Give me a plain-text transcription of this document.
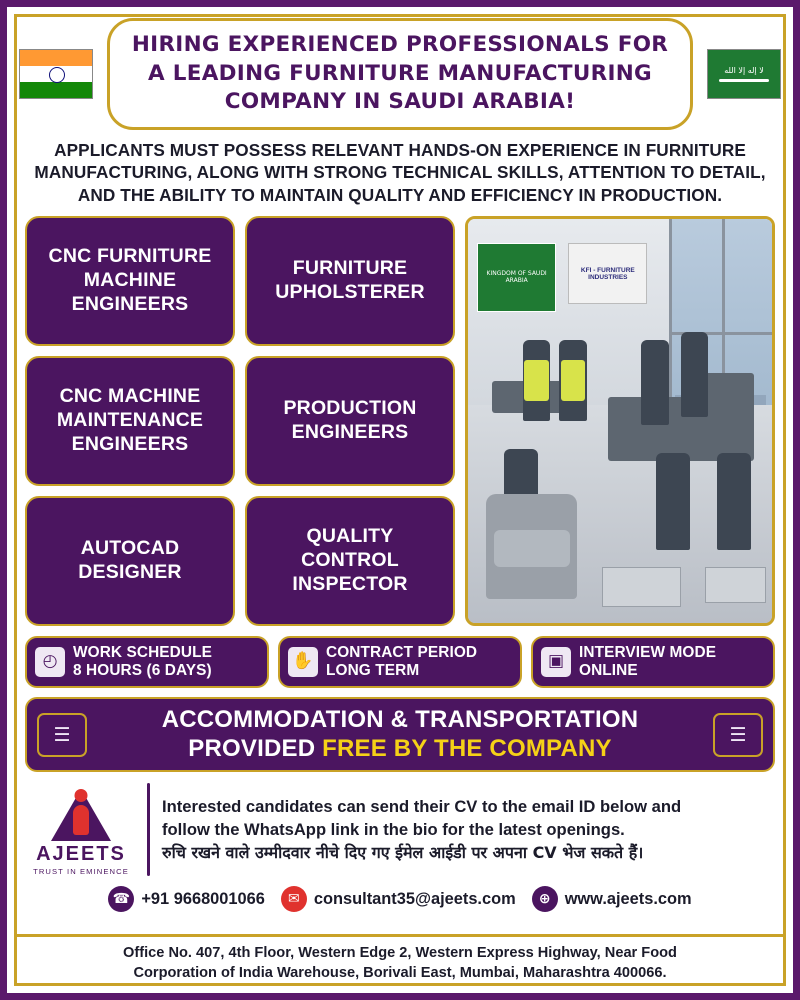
HIRING EXPERIENCED PROFESSIONALS FOR A LEADING FURNITURE MANUFACTURING COMPANY IN SAUDI ARABIA!
لا إله إلا الله
APPLICANTS MUST POSSESS RELEVANT HANDS-ON EXPERIENCE IN FURNITURE MANUFACTURING, ALONG WITH STRONG TECHNICAL SKILLS, ATTENTION TO DETAIL, AND THE ABILITY TO MAINTAIN QUALITY AND EFFICIENCY IN PRODUCTION.
CNC FURNITURE MACHINE ENGINEERS
FURNITURE UPHOLSTERER
CNC MACHINE MAINTENANCE ENGINEERS
PRODUCTION ENGINEERS
AUTOCAD DESIGNER
QUALITY CONTROL INSPECTOR
KINGDOM OF SAUDI ARABIA
KFI - FURNITURE INDUSTRIES
◴	WORK SCHEDULE
8 HOURS (6 DAYS)	✋ CONTRACT PERIOD
LONG TERM	▣ INTERVIEW MODE
ONLINE
☰
ACCOMMODATION & TRANSPORTATION
PROVIDED FREE BY THE COMPANY	☰
AJEETS
TRUST IN EMINENCE

Interested candidates can send their CV to the email ID below and

follow the WhatsApp link in the bio for the latest openings.

रुचि रखने वाले उम्मीदवार नीचे दिए गए ईमेल आईडी पर अपना CV भेज सकते हैं।

☎ +91 9668001066	✉ consultant35@ajeets.com	⊕ www.ajeets.com
Office No. 407, 4th Floor, Western Edge 2, Western Express Highway, Near Food
Corporation of India Warehouse, Borivali East, Mumbai, Maharashtra 400066.
